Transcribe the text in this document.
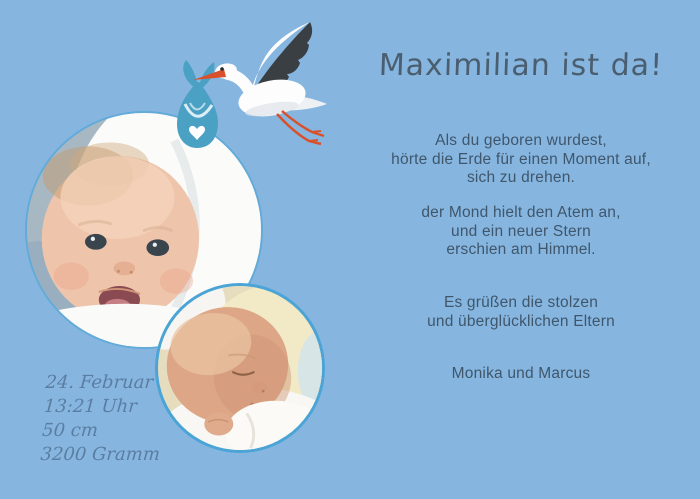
Maximilian ist da!
Als du geboren wurdest,
hörte die Erde für einen Moment auf,
sich zu drehen.
der Mond hielt den Atem an,
und ein neuer Stern
erschien am Himmel.
Es grüßen die stolzen
und überglücklichen Eltern
Monika und Marcus
24. Februar
13:21 Uhr
50 cm
3200 Gramm
